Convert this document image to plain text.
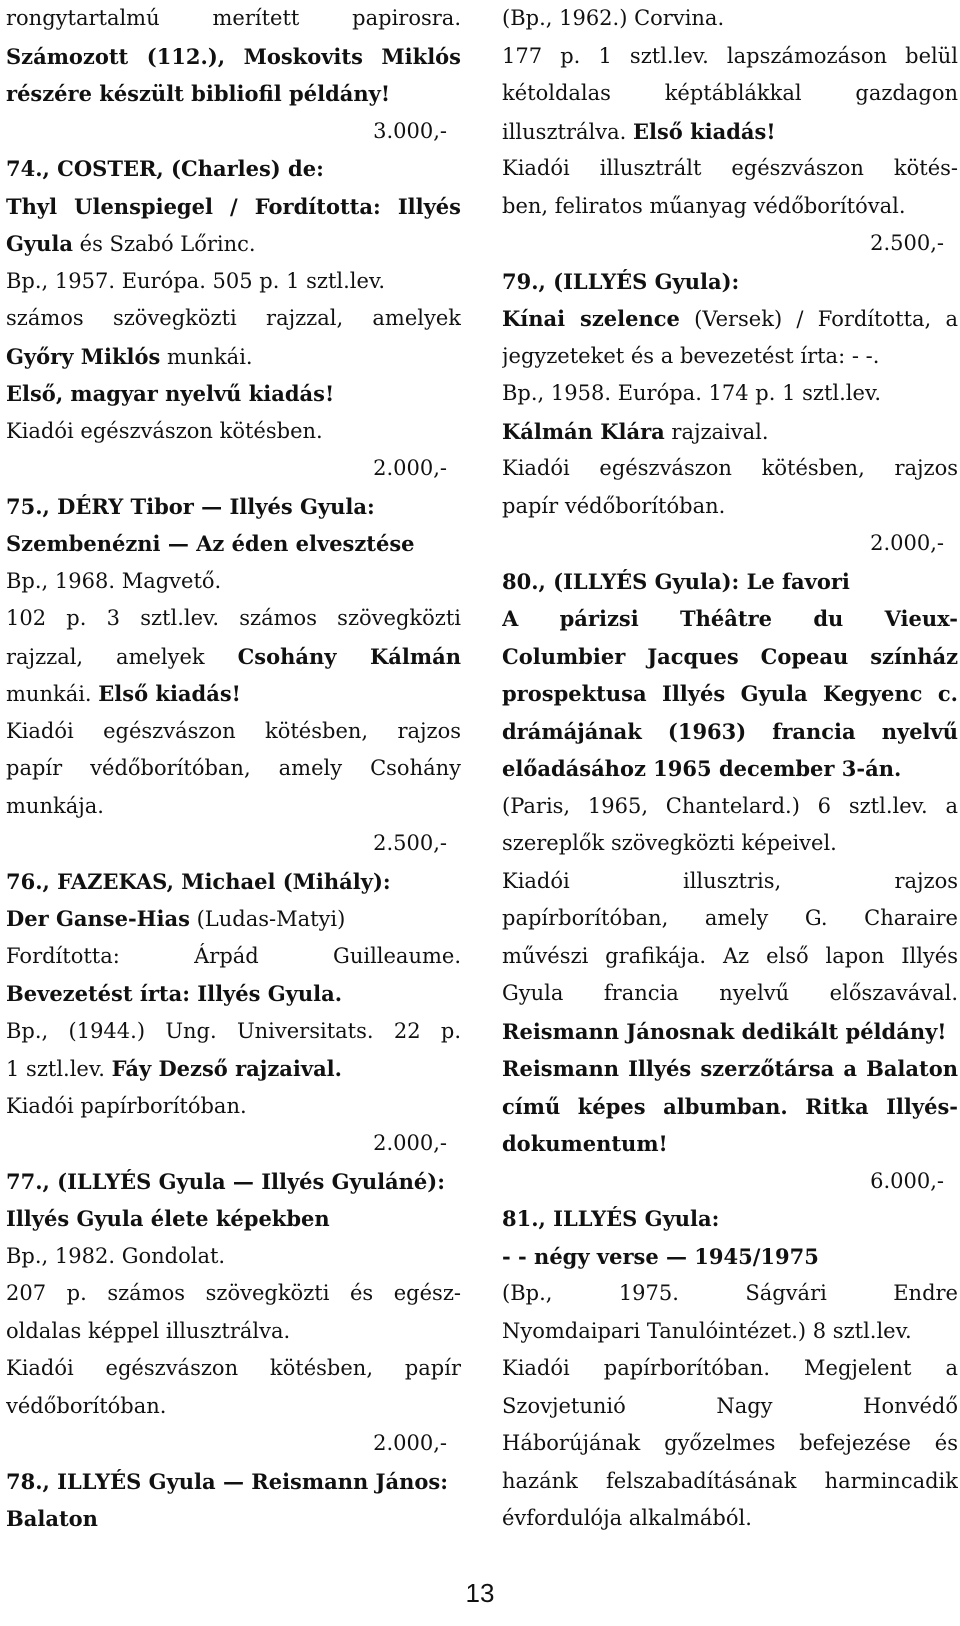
rongytartalmú merített papirosra.
Számozott (112.), Moskovits Miklós
részére készült bibliofil példány!
3.000,-
74., COSTER, (Charles) de:
Thyl Ulenspiegel / Fordította: Illyés
Gyula és Szabó Lőrinc.
Bp., 1957. Európa. 505 p. 1 sztl.lev.
számos szövegközti rajzzal, amelyek
Győry Miklós munkái.
Első, magyar nyelvű kiadás!
Kiadói egészvászon kötésben.
2.000,-
75., DÉRY Tibor — Illyés Gyula:
Szembenézni — Az éden elvesztése
Bp., 1968. Magvető.
102 p. 3 sztl.lev. számos szövegközti
rajzzal, amelyek Csohány Kálmán
munkái. Első kiadás!
Kiadói egészvászon kötésben, rajzos
papír védőborítóban, amely Csohány
munkája.
2.500,-
76., FAZEKAS, Michael (Mihály):
Der Ganse-Hias (Ludas-Matyi)
Fordította: Árpád Guilleaume.
Bevezetést írta: Illyés Gyula.
Bp., (1944.) Ung. Universitats. 22 p.
1 sztl.lev. Fáy Dezső rajzaival.
Kiadói papírborítóban.
2.000,-
77., (ILLYÉS Gyula — Illyés Gyuláné):
Illyés Gyula élete képekben
Bp., 1982. Gondolat.
207 p. számos szövegközti és egész-
oldalas képpel illusztrálva.
Kiadói egészvászon kötésben, papír
védőborítóban.
2.000,-
78., ILLYÉS Gyula — Reismann János:
Balaton
(Bp., 1962.) Corvina.
177 p. 1 sztl.lev. lapszámozáson belül
kétoldalas képtáblákkal gazdagon
illusztrálva. Első kiadás!
Kiadói illusztrált egészvászon kötés-
ben, feliratos műanyag védőborítóval.
2.500,-
79., (ILLYÉS Gyula):
Kínai szelence (Versek) / Fordította, a
jegyzeteket és a bevezetést írta: - -.
Bp., 1958. Európa. 174 p. 1 sztl.lev.
Kálmán Klára rajzaival.
Kiadói egészvászon kötésben, rajzos
papír védőborítóban.
2.000,-
80., (ILLYÉS Gyula): Le favori
A párizsi Théâtre du Vieux-
Columbier Jacques Copeau színház
prospektusa Illyés Gyula Kegyenc c.
drámájának (1963) francia nyelvű
előadásához 1965 december 3-án.
(Paris, 1965, Chantelard.) 6 sztl.lev. a
szereplők szövegközti képeivel.
Kiadói illusztris, rajzos
papírborítóban, amely G. Charaire
művészi grafikája. Az első lapon Illyés
Gyula francia nyelvű előszavával.
Reismann Jánosnak dedikált példány!
Reismann Illyés szerzőtársa a Balaton
című képes albumban. Ritka Illyés-
dokumentum!
6.000,-
81., ILLYÉS Gyula:
- - négy verse — 1945/1975
(Bp., 1975. Ságvári Endre
Nyomdaipari Tanulóintézet.) 8 sztl.lev.
Kiadói papírborítóban. Megjelent a
Szovjetunió Nagy Honvédő
Háborújának győzelmes befejezése és
hazánk felszabadításának harmincadik
évfordulója alkalmából.
13
